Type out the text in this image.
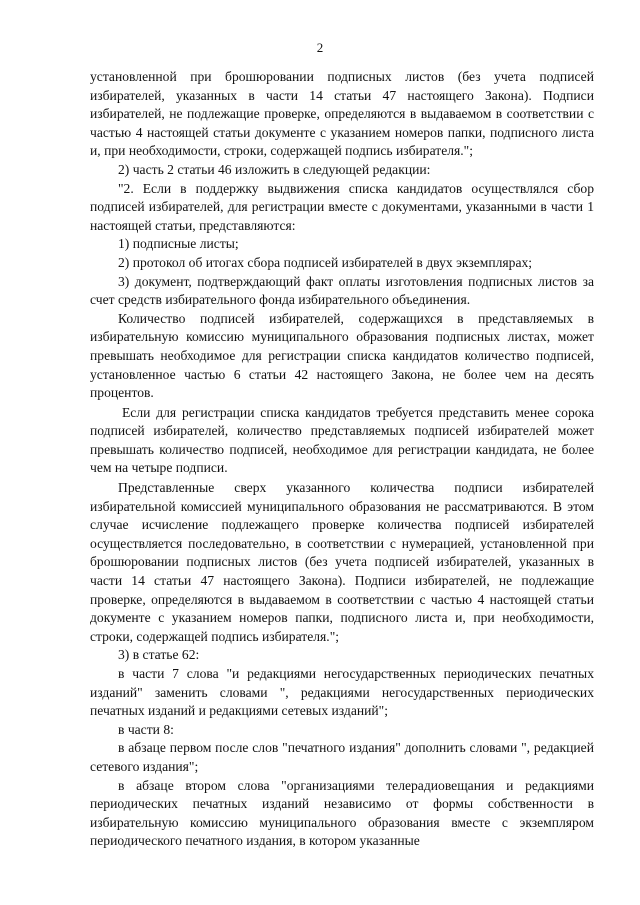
2

установленной при брошюровании подписных листов (без учета подписей избирателей, указанных в части 14 статьи 47 настоящего Закона). Подписи избирателей, не подлежащие проверке, определяются в выдаваемом в соответствии с частью 4 настоящей статьи документе с указанием номеров папки, подписного листа и, при необходимости, строки, содержащей подпись избирателя.";

2) часть 2 статьи 46 изложить в следующей редакции:

"2. Если в поддержку выдвижения списка кандидатов осуществлялся сбор подписей избирателей, для регистрации вместе с документами, указанными в части 1 настоящей статьи, представляются:

1) подписные листы;

2) протокол об итогах сбора подписей избирателей в двух экземплярах;

3) документ, подтверждающий факт оплаты изготовления подписных листов за счет средств избирательного фонда избирательного объединения.

Количество подписей избирателей, содержащихся в представляемых в избирательную комиссию муниципального образования подписных листах, может превышать необходимое для регистрации списка кандидатов количество подписей, установленное частью 6 статьи 42 настоящего Закона, не более чем на десять процентов.

Если для регистрации списка кандидатов требуется представить менее сорока подписей избирателей, количество представляемых подписей избирателей может превышать количество подписей, необходимое для регистрации кандидата, не более чем на четыре подписи.

Представленные сверх указанного количества подписи избирателей избирательной комиссией муниципального образования не рассматриваются. В этом случае исчисление подлежащего проверке количества подписей избирателей осуществляется последовательно, в соответствии с нумерацией, установленной при брошюровании подписных листов (без учета подписей избирателей, указанных в части 14 статьи 47 настоящего Закона). Подписи избирателей, не подлежащие проверке, определяются в выдаваемом в соответствии с частью 4 настоящей статьи документе с указанием номеров папки, подписного листа и, при необходимости, строки, содержащей подпись избирателя.";

3) в статье 62:

в части 7 слова "и редакциями негосударственных периодических печатных изданий" заменить словами ", редакциями негосударственных периодических печатных изданий и редакциями сетевых изданий";

в части 8:

в абзаце первом после слов "печатного издания" дополнить словами ", редакцией сетевого издания";

в абзаце втором слова "организациями телерадиовещания и редакциями периодических печатных изданий независимо от формы собственности в избирательную комиссию муниципального образования вместе с экземпляром периодического печатного издания, в котором указанные
